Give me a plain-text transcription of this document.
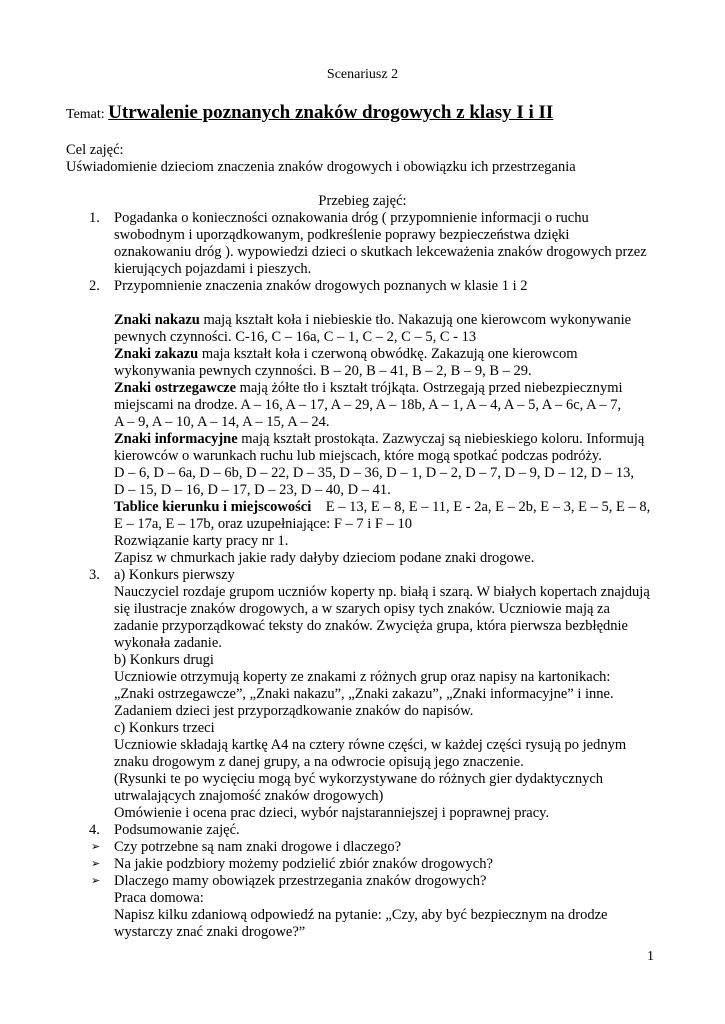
Scenariusz 2
Temat: Utrwalenie poznanych znaków drogowych z klasy I i II
Cel zajęć:
Uświadomienie dzieciom znaczenia znaków drogowych i obowiązku ich przestrzegania
Przebieg zajęć:
1. Pogadanka o konieczności oznakowania dróg ( przypomnienie informacji o ruchu
swobodnym i uporządkowanym, podkreślenie poprawy bezpieczeństwa dzięki
oznakowaniu dróg ). wypowiedzi dzieci o skutkach lekceważenia znaków drogowych przez
kierujących pojazdami i pieszych.
2. Przypomnienie znaczenia znaków drogowych poznanych w klasie 1 i 2
Znaki nakazu mają kształt koła i niebieskie tło. Nakazują one kierowcom wykonywanie
pewnych czynności. C-16, C – 16a, C – 1, C – 2, C – 5, C - 13
Znaki zakazu maja kształt koła i czerwoną obwódkę. Zakazują one kierowcom
wykonywania pewnych czynności. B – 20, B – 41, B – 2, B – 9, B – 29.
Znaki ostrzegawcze mają żółte tło i kształt trójkąta. Ostrzegają przed niebezpiecznymi
miejscami na drodze. A – 16, A – 17, A – 29, A – 18b, A – 1, A – 4, A – 5, A – 6c, A – 7,
A – 9, A – 10, A – 14, A – 15, A – 24.
Znaki informacyjne mają kształt prostokąta. Zazwyczaj są niebieskiego koloru. Informują
kierowców o warunkach ruchu lub miejscach, które mogą spotkać podczas podróży.
D – 6, D – 6a, D – 6b, D – 22, D – 35, D – 36, D – 1, D – 2, D – 7, D – 9, D – 12, D – 13,
D – 15, D – 16, D – 17, D – 23, D – 40, D – 41.
Tablice kierunku i miejscowości    E – 13, E – 8, E – 11, E - 2a, E – 2b, E – 3, E – 5, E – 8,
E – 17a, E – 17b, oraz uzupełniające: F – 7 i F – 10
Rozwiązanie karty pracy nr 1.
Zapisz w chmurkach jakie rady dałyby dzieciom podane znaki drogowe.
3. a) Konkurs pierwszy
Nauczyciel rozdaje grupom uczniów koperty np. białą i szarą. W białych kopertach znajdują
się ilustracje znaków drogowych, a w szarych opisy tych znaków. Uczniowie mają za
zadanie przyporządkować teksty do znaków. Zwycięża grupa, która pierwsza bezbłędnie
wykonała zadanie.
b) Konkurs drugi
Uczniowie otrzymują koperty ze znakami z różnych grup oraz napisy na kartonikach:
„Znaki ostrzegawcze”, „Znaki nakazu”, „Znaki zakazu”, „Znaki informacyjne” i inne.
Zadaniem dzieci jest przyporządkowanie znaków do napisów.
c) Konkurs trzeci
Uczniowie składają kartkę A4 na cztery równe części, w każdej części rysują po jednym
znaku drogowym z danej grupy, a na odwrocie opisują jego znaczenie.
(Rysunki te po wycięciu mogą być wykorzystywane do różnych gier dydaktycznych
utrwalających znajomość znaków drogowych)
Omówienie i ocena prac dzieci, wybór najstaranniejszej i poprawnej pracy.
4. Podsumowanie zajęć.
➢ Czy potrzebne są nam znaki drogowe i dlaczego?
➢ Na jakie podzbiory możemy podzielić zbiór znaków drogowych?
➢ Dlaczego mamy obowiązek przestrzegania znaków drogowych?
Praca domowa:
Napisz kilku zdaniową odpowiedź na pytanie: „Czy, aby być bezpiecznym na drodze
wystarczy znać znaki drogowe?”
1
